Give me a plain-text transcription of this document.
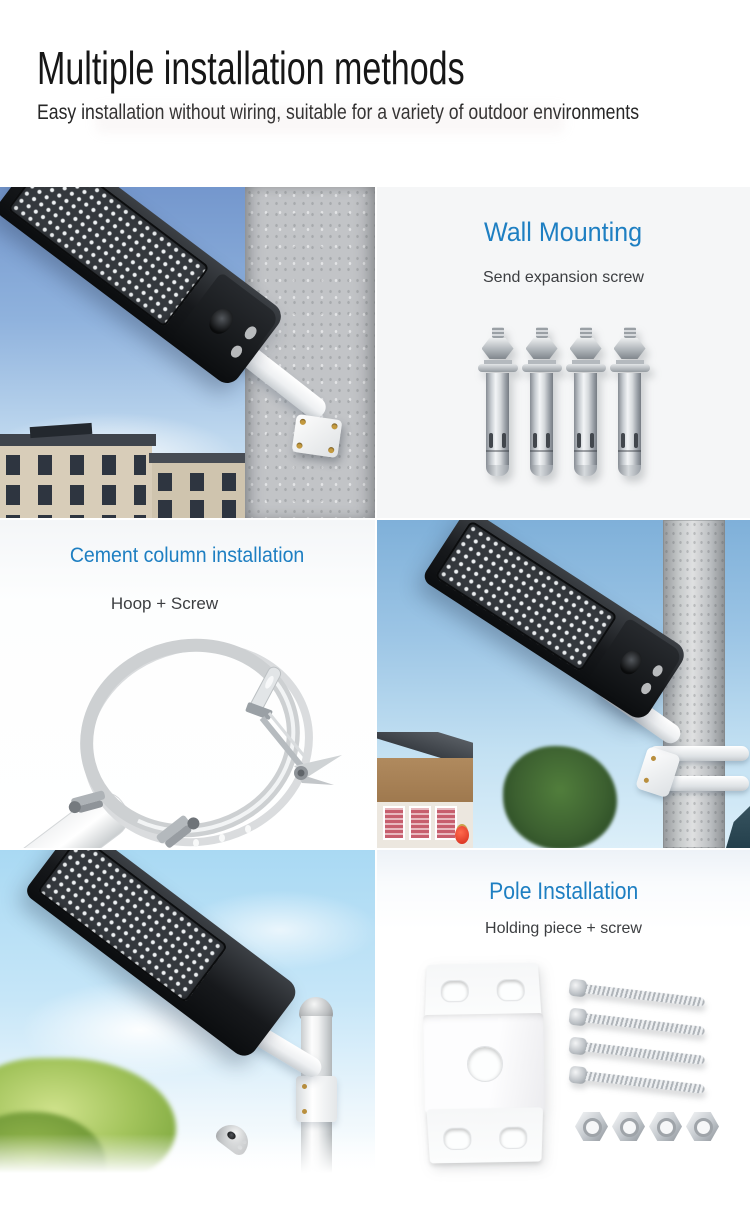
Multiple installation methods

Easy installation without wiring, suitable for a variety of outdoor environments

Wall Mounting

Send expansion screw

Cement column installation

Hoop + Screw

Pole Installation

Holding piece + screw
